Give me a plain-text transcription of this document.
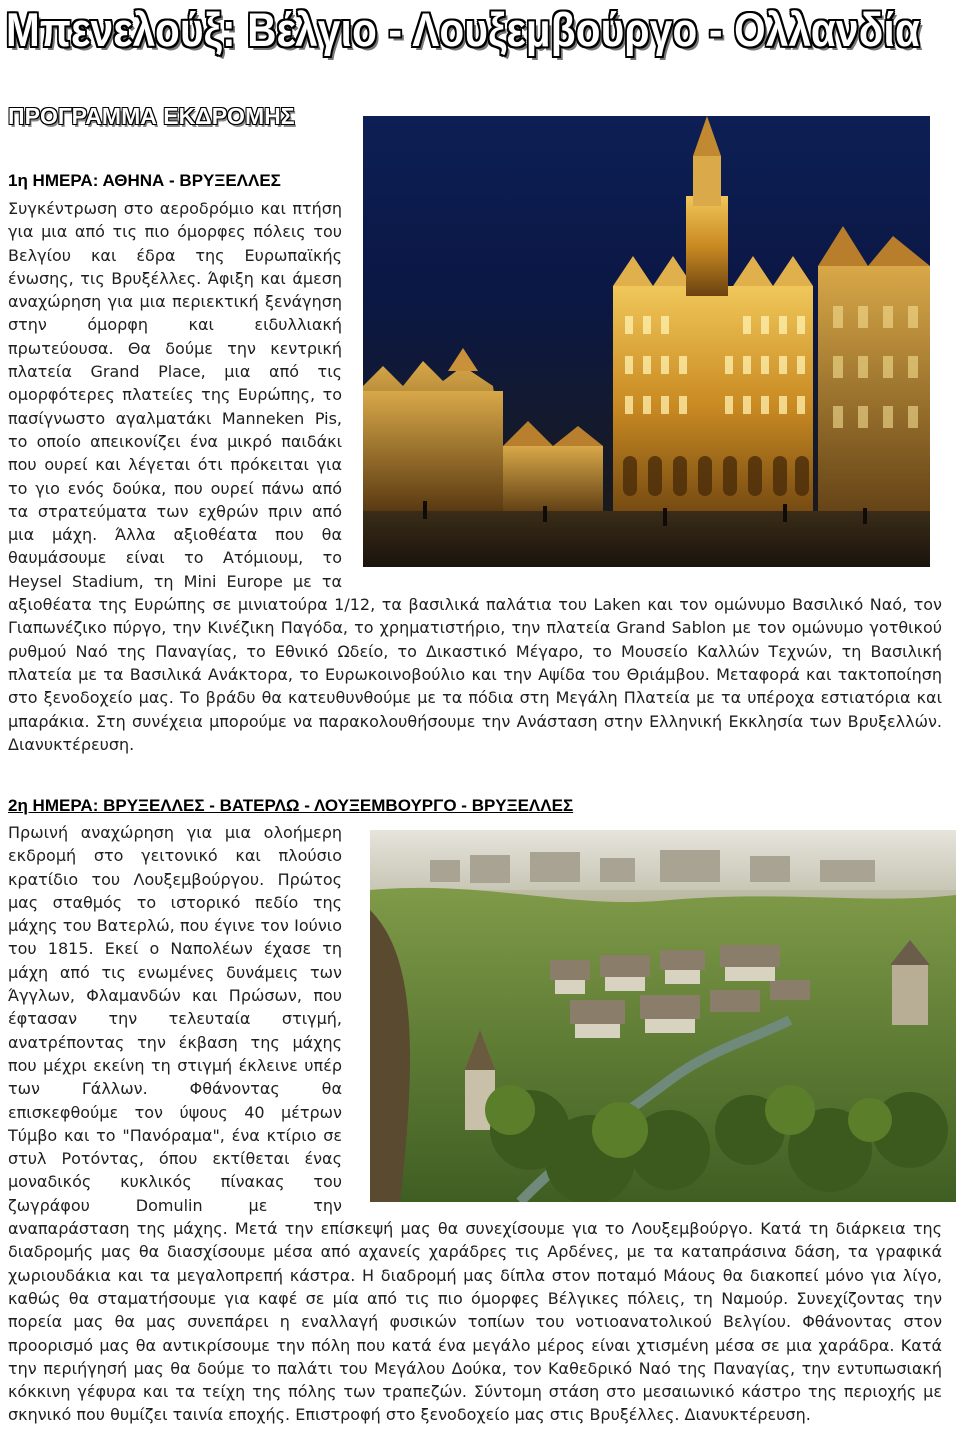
Μπενελούξ: Βέλγιο - Λουξεμβούργο - Ολλανδία
ΠΡΟΓΡΑΜΜΑ ΕΚΔΡΟΜΗΣ
1η ΗΜΕΡΑ: ΑΘΗΝΑ - ΒΡΥΞΕΛΛΕΣ
Συγκέντρωση στο αεροδρόμιο και πτήση για μια από τις πιο όμορφες πόλεις του Βελγίου και έδρα της Ευρωπαϊκής ένωσης, τις Βρυξέλλες. Άφιξη και άμεση αναχώρηση για μια περιεκτική ξενάγηση στην όμορφη και ειδυλλιακή πρωτεύουσα. Θα δούμε την κεντρική πλατεία Grand Place, μια από τις ομορφότερες πλατείες της Ευρώπης, το πασίγνωστο αγαλματάκι Manneken Pis, το οποίο απεικονίζει ένα μικρό παιδάκι που ουρεί και λέγεται ότι πρόκειται για το γιο ενός δούκα, που ουρεί πάνω από τα στρατεύματα των εχθρών πριν από μια μάχη. Άλλα αξιοθέατα που θα θαυμάσουμε είναι το Ατόμιουμ, το Heysel Stadium, τη Mini Europe με τα αξιοθέατα της Ευρώπης σε μινιατούρα 1/12, τα βασιλικά παλάτια του Laken και τον ομώνυμο Βασιλικό Ναό, τον Γιαπωνέζικο πύργο, την Κινέζικη Παγόδα, το χρηματιστήριο, την πλατεία Grand Sablon με τον ομώνυμο γοτθικού ρυθμού Ναό της Παναγίας, το Εθνικό Ωδείο, το Δικαστικό Μέγαρο, το Μουσείο Καλλών Τεχνών, τη Βασιλική πλατεία με τα Βασιλικά Ανάκτορα, το Ευρωκοινοβούλιο και την Αψίδα του Θριάμβου. Μεταφορά και τακτοποίηση στο ξενοδοχείο μας. Το βράδυ θα κατευθυνθούμε με τα πόδια στη Μεγάλη Πλατεία με τα υπέροχα εστιατόρια και μπαράκια. Στη συνέχεια μπορούμε να παρακολουθήσουμε την Ανάσταση στην Ελληνική Εκκλησία των Βρυξελλών. Διανυκτέρευση.
2η ΗΜΕΡΑ: ΒΡΥΞΕΛΛΕΣ - ΒΑΤΕΡΛΩ - ΛΟΥΞΕΜΒΟΥΡΓΟ - ΒΡΥΞΕΛΛΕΣ
Πρωινή αναχώρηση για μια ολοήμερη εκδρομή στο γειτονικό και πλούσιο κρατίδιο του Λουξεμβούργου. Πρώτος μας σταθμός το ιστορικό πεδίο της μάχης του Βατερλώ, που έγινε τον Ιούνιο του 1815. Εκεί ο Ναπολέων έχασε τη μάχη από τις ενωμένες δυνάμεις των Άγγλων, Φλαμανδών και Πρώσων, που έφτασαν την τελευταία στιγμή, ανατρέποντας την έκβαση της μάχης που μέχρι εκείνη τη στιγμή έκλεινε υπέρ των Γάλλων. Φθάνοντας θα επισκεφθούμε τον ύψους 40 μέτρων Τύμβο και το "Πανόραμα", ένα κτίριο σε στυλ Ροτόντας, όπου εκτίθεται ένας μοναδικός κυκλικός πίνακας του ζωγράφου Domulin με την αναπαράσταση της μάχης. Μετά την επίσκεψή μας θα συνεχίσουμε για το Λουξεμβούργο. Κατά τη διάρκεια της διαδρομής μας θα διασχίσουμε μέσα από αχανείς χαράδρες τις Αρδένες, με τα καταπράσινα δάση, τα γραφικά χωριουδάκια και τα μεγαλοπρεπή κάστρα. Η διαδρομή μας δίπλα στον ποταμό Μάους θα διακοπεί μόνο για λίγο, καθώς θα σταματήσουμε για καφέ σε μία από τις πιο όμορφες Βέλγικες πόλεις, τη Ναμούρ. Συνεχίζοντας την πορεία μας θα μας συνεπάρει η εναλλαγή φυσικών τοπίων του νοτιοανατολικού Βελγίου. Φθάνοντας στον προορισμό μας θα αντικρίσουμε την πόλη που κατά ένα μεγάλο μέρος είναι χτισμένη μέσα σε μια χαράδρα. Κατά την περιήγησή μας θα δούμε το παλάτι του Μεγάλου Δούκα, τον Καθεδρικό Ναό της Παναγίας, την εντυπωσιακή κόκκινη γέφυρα και τα τείχη της πόλης των τραπεζών. Σύντομη στάση στο μεσαιωνικό κάστρο της περιοχής με σκηνικό που θυμίζει ταινία εποχής. Επιστροφή στο ξενοδοχείο μας στις Βρυξέλλες. Διανυκτέρευση.
